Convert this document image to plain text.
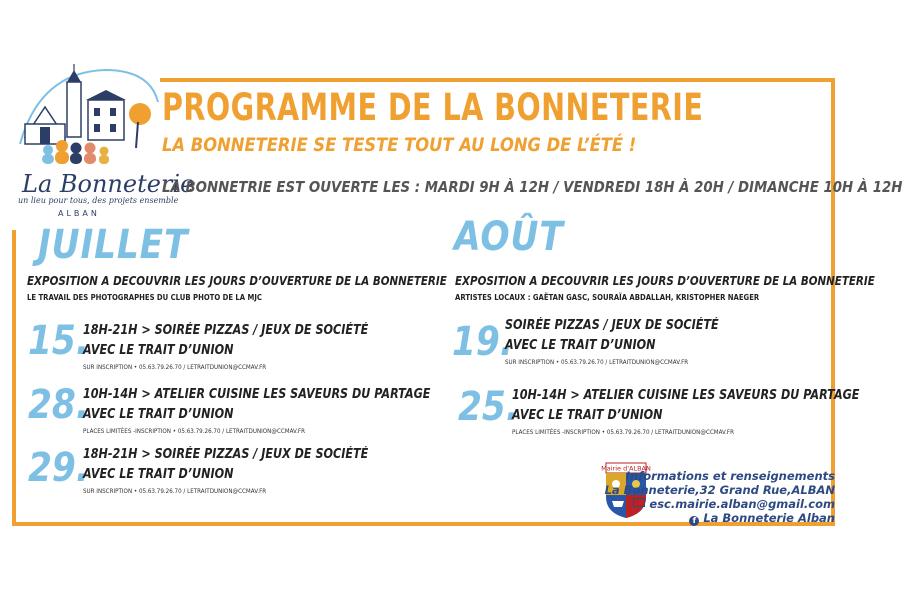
La Bonneterie
un lieu pour tous, des projets ensemble
ALBAN
PROGRAMME DE LA BONNETERIE
LA BONNETERIE SE TESTE TOUT AU LONG DE L’ÉTÉ !
LA BONNETRIE EST OUVERTE LES : MARDI 9H À 12H / VENDREDI 18H À 20H / DIMANCHE 10H À 12H
JUILLET
EXPOSITION A DECOUVRIR LES JOURS D’OUVERTURE DE LA BONNETERIE
LE TRAVAIL DES PHOTOGRAPHES DU CLUB PHOTO DE LA MJC
15.
18H-21H > SOIRÉE PIZZAS / JEUX DE SOCIÉTÉ
AVEC LE TRAIT D’UNION
SUR INSCRIPTION • 05.63.79.26.70 / LETRAITDUNION@CCMAV.FR
28.
10H-14H > ATELIER CUISINE LES SAVEURS DU PARTAGE
AVEC LE TRAIT D’UNION
PLACES LIMITÉES -INSCRIPTION • 05.63.79.26.70 / LETRAITDUNION@CCMAV.FR
29.
18H-21H > SOIRÉE PIZZAS / JEUX DE SOCIÉTÉ
AVEC LE TRAIT D’UNION
SUR INSCRIPTION • 05.63.79.26.70 / LETRAITDUNION@CCMAV.FR
AOÛT
EXPOSITION A DECOUVRIR LES JOURS D’OUVERTURE DE LA BONNETERIE
ARTISTES LOCAUX : GAËTAN GASC, SOURAÏA ABDALLAH, KRISTOPHER NAEGER
19.
SOIRÉE PIZZAS / JEUX DE SOCIÉTÉ
AVEC LE TRAIT D’UNION
SUR INSCRIPTION • 05.63.79.26.70 / LETRAITDUNION@CCMAV.FR
25.
10H-14H > ATELIER CUISINE LES SAVEURS DU PARTAGE
AVEC LE TRAIT D’UNION
PLACES LIMITÉES -INSCRIPTION • 05.63.79.26.70 / LETRAITDUNION@CCMAV.FR
Mairie d'ALBAN
Informations et renseignements
La Bonneterie,32 Grand Rue,ALBAN
esc.mairie.alban@gmail.com
f La Bonneterie Alban
